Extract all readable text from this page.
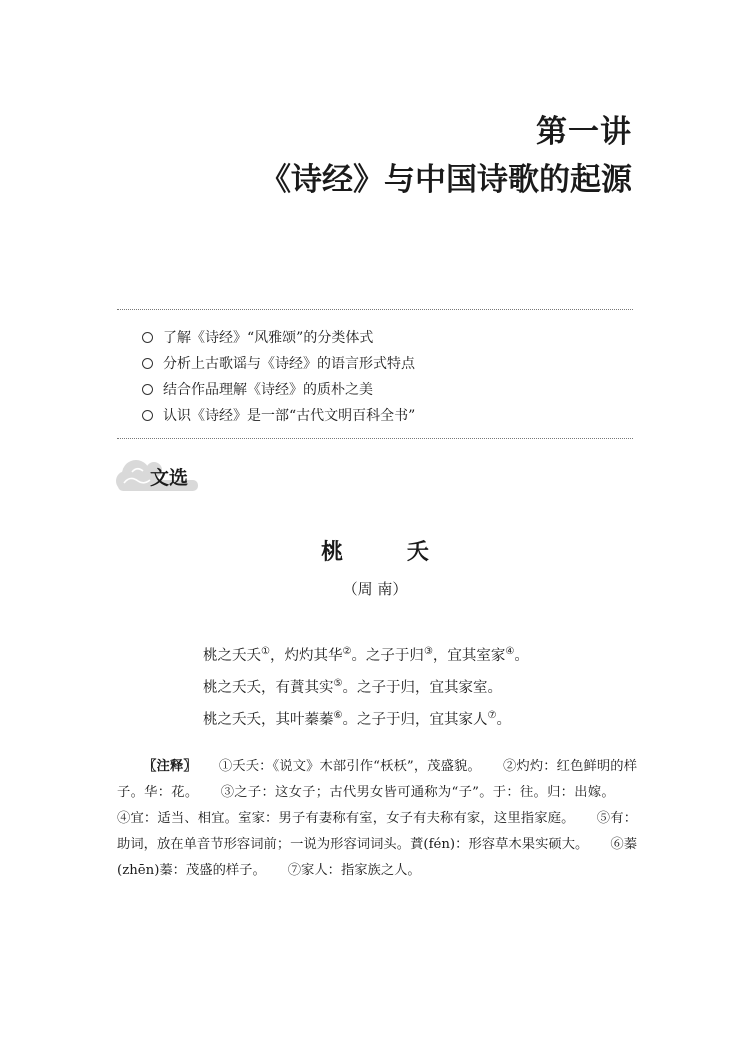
第一讲
《诗经》与中国诗歌的起源
了解《诗经》“风雅颂”的分类体式
分析上古歌谣与《诗经》的语言形式特点
结合作品理解《诗经》的质朴之美
认识《诗经》是一部“古代文明百科全书”
文选
桃 夭
（周 南）
桃之夭夭①，灼灼其华②。之子于归③，宜其室家④。
桃之夭夭，有蕡其实⑤。之子于归，宜其家室。
桃之夭夭，其叶蓁蓁⑥。之子于归，宜其家人⑦。
〖注释〗 ①夭夭：《说文》木部引作“枖枖”，茂盛貌。 ②灼灼：红色鲜明的样子。华：花。 ③之子：这女子；古代男女皆可通称为“子”。于：往。归：出嫁。④宜：适当、相宜。室家：男子有妻称有室，女子有夫称有家，这里指家庭。 ⑤有：助词，放在单音节形容词前；一说为形容词词头。蕡(fén)：形容草木果实硕大。 ⑥蓁(zhēn)蓁：茂盛的样子。 ⑦家人：指家族之人。
